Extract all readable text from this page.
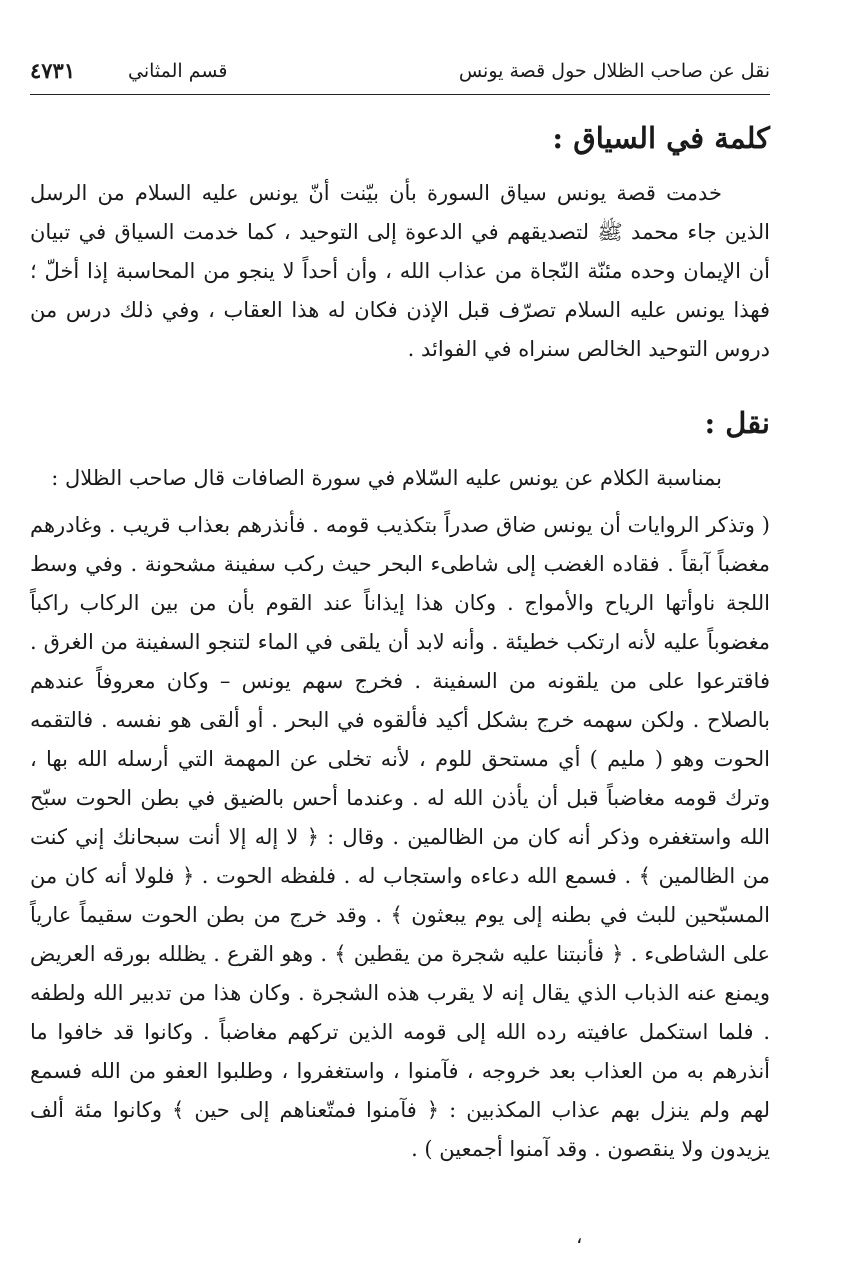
نقل عن صاحب الظلال حول قصة يونس
قسم المثاني
٤٧٣١
كلمة في السياق :

خدمت قصة يونس سياق السورة بأن بيّنت أنّ يونس عليه السلام من الرسل الذين جاء محمد ﷺ لتصديقهم في الدعوة إلى التوحيد ، كما خدمت السياق في تبيان أن الإيمان وحده مئنّة النّجاة من عذاب الله ، وأن أحداً لا ينجو من المحاسبة إذا أخلّ ؛ فهذا يونس عليه السلام تصرّف قبل الإذن فكان له هذا العقاب ، وفي ذلك درس من دروس التوحيد الخالص سنراه في الفوائد .

نقل :

بمناسبة الكلام عن يونس عليه السّلام في سورة الصافات قال صاحب الظلال :

( وتذكر الروايات أن يونس ضاق صدراً بتكذيب قومه . فأنذرهم بعذاب قريب . وغادرهم مغضباً آبقاً . فقاده الغضب إلى شاطىء البحر حيث ركب سفينة مشحونة . وفي وسط اللجة ناوأتها الرياح والأمواج . وكان هذا إيذاناً عند القوم بأن من بين الركاب راكباً مغضوباً عليه لأنه ارتكب خطيئة . وأنه لابد أن يلقى في الماء لتنجو السفينة من الغرق . فاقترعوا على من يلقونه من السفينة . فخرج سهم يونس – وكان معروفاً عندهم بالصلاح . ولكن سهمه خرج بشكل أكيد فألقوه في البحر . أو ألقى هو نفسه . فالتقمه الحوت وهو ( مليم ) أي مستحق للوم ، لأنه تخلى عن المهمة التي أرسله الله بها ، وترك قومه مغاضباً قبل أن يأذن الله له . وعندما أحس بالضيق في بطن الحوت سبّح الله واستغفره وذكر أنه كان من الظالمين . وقال : ﴿ لا إله إلا أنت سبحانك إني كنت من الظالمين ﴾ . فسمع الله دعاءه واستجاب له . فلفظه الحوت . ﴿ فلولا أنه كان من المسبّحين للبث في بطنه إلى يوم يبعثون ﴾ . وقد خرج من بطن الحوت سقيماً عارياً على الشاطىء . ﴿ فأنبتنا عليه شجرة من يقطين ﴾ . وهو القرع . يظلله بورقه العريض ويمنع عنه الذباب الذي يقال إنه لا يقرب هذه الشجرة . وكان هذا من تدبير الله ولطفه . فلما استكمل عافيته رده الله إلى قومه الذين تركهم مغاضباً . وكانوا قد خافوا ما أنذرهم به من العذاب بعد خروجه ، فآمنوا ، واستغفروا ، وطلبوا العفو من الله فسمع لهم ولم ينزل بهم عذاب المكذبين : ﴿ فآمنوا فمتّعناهم إلى حين ﴾ وكانوا مئة ألف يزيدون ولا ينقصون . وقد آمنوا أجمعين ) .

،
